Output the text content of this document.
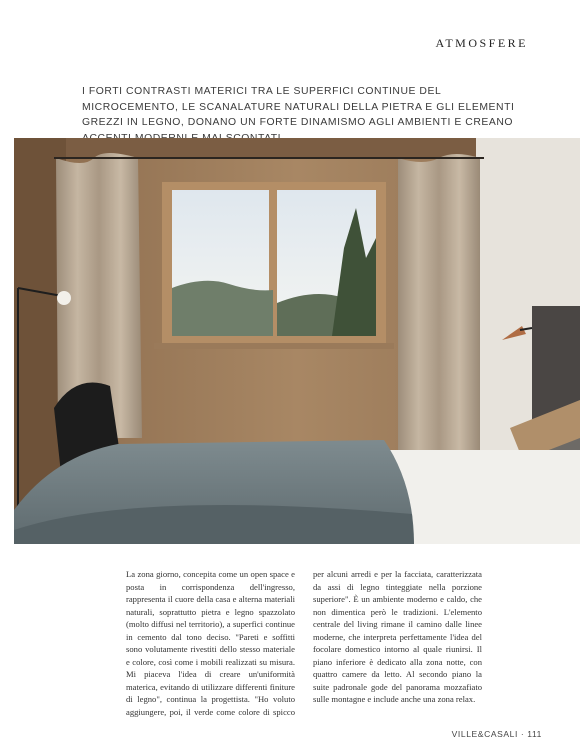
ATMOSFERE

I FORTI CONTRASTI MATERICI TRA LE SUPERFICI CONTINUE DEL MICROCEMENTO, LE SCANALATURE NATURALI DELLA PIETRA E GLI ELEMENTI GREZZI IN LEGNO, DONANO UN FORTE DINAMISMO AGLI AMBIENTI E CREANO

La zona giorno, concepita come un open space e posta in corrispondenza dell'ingresso, rappresenta il cuore della casa e alterna materiali naturali, soprattutto pietra e legno spazzolato (molto diffusi nel territorio), a superfici continue in cemento dal tono deciso. "Pareti e soffitti sono volutamente rivestiti dello stesso materiale e colore, così come i mobili realizzati su misura. Mi piaceva l'idea di creare un'uniformità materica, evitando di utilizzare differenti finiture di legno", continua la progettista. "Ho voluto aggiungere, poi, il verde come colore di spicco per alcuni arredi e per la facciata, caratterizzata da assi di legno tinteggiate nella porzione superiore". È un ambiente moderno e caldo, che non dimentica però le tradizioni. L'elemento centrale del living rimane il camino dalle linee moderne, che interpreta perfettamente l'idea del focolare domestico intorno al quale riunirsi. Il piano inferiore è dedicato alla zona notte, con quattro camere da letto. Al secondo piano la suite padronale gode del panorama mozzafiato sulle montagne e include anche una zona relax.

VILLE&CASALI · 111
